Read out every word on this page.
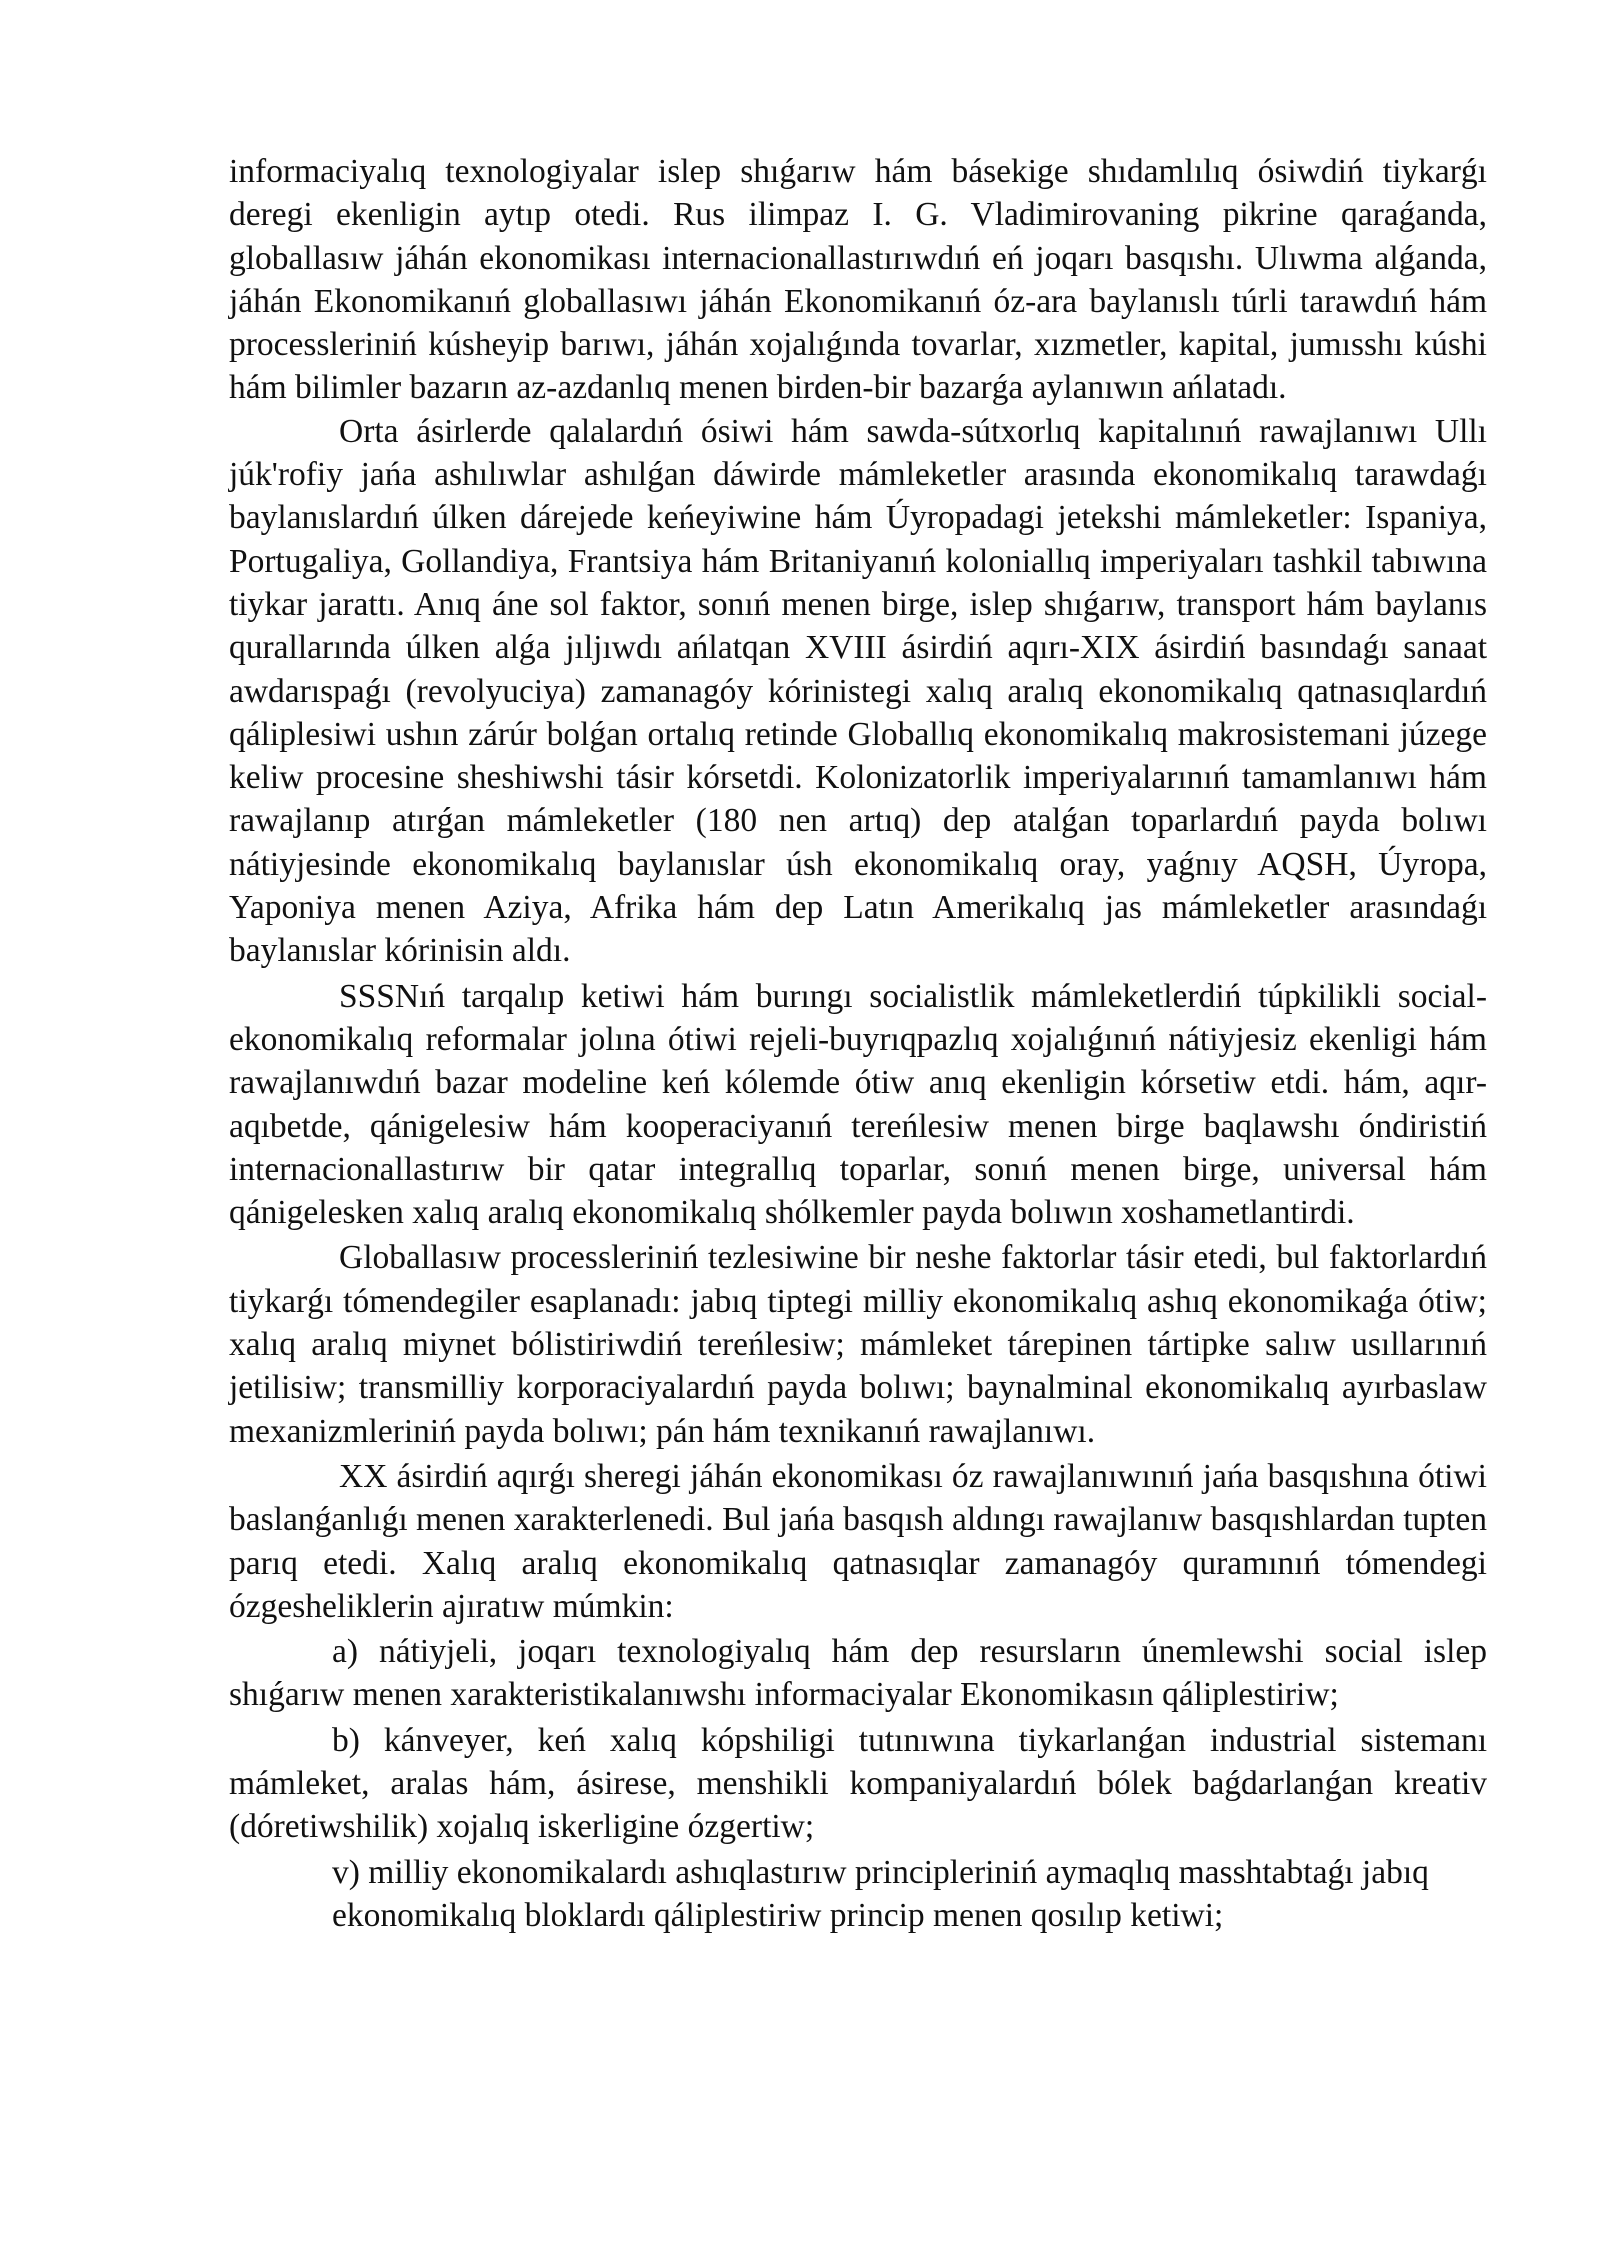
informaciyalıq texnologiyalar islep shıǵarıw hám básekige shıdamlılıq ósiwdiń tiykarǵı deregi ekenligin aytıp otedi. Rus ilimpaz I. G. Vladimirovaning pikrine qaraǵanda, globallasıw jáhán ekonomikası internacionallastırıwdıń eń joqarı basqıshı. Ulıwma alǵanda, jáhán Ekonomikanıń globallasıwı jáhán Ekonomikanıń óz-ara baylanıslı túrli tarawdıń hám processleriniń kúsheyip barıwı, jáhán xojalıǵında tovarlar, xızmetler, kapital, jumısshı kúshi hám bilimler bazarın az-azdanlıq menen birden-bir bazarǵa aylanıwın ańlatadı.

Orta ásirlerde qalalardıń ósiwi hám sawda-sútxorlıq kapitalınıń rawajlanıwı Ullı júk'rofiy jańa ashılıwlar ashılǵan dáwirde mámleketler arasında ekonomikalıq tarawdaǵı baylanıslardıń úlken dárejede keńeyiwine hám Úyropadagi jetekshi mámleketler: Ispaniya, Portugaliya, Gollandiya, Frantsiya hám Britaniyanıń koloniallıq imperiyaları tashkil tabıwına tiykar jarattı. Anıq áne sol faktor, sonıń menen birge, islep shıǵarıw, transport hám baylanıs qurallarında úlken alǵa jıljıwdı ańlatqan XVIII ásirdiń aqırı-XIX ásirdiń basındaǵı sanaat awdarıspaǵı (revolyuciya) zamanagóy kórinistegi xalıq aralıq ekonomikalıq qatnasıqlardıń qáliplesiwi ushın zárúr bolǵan ortalıq retinde Globallıq ekonomikalıq makrosistemani júzege keliw procesine sheshiwshi tásir kórsetdi. Kolonizatorlik imperiyalarınıń tamamlanıwı hám rawajlanıp atırǵan mámleketler (180 nen artıq) dep atalǵan toparlardıń payda bolıwı nátiyjesinde ekonomikalıq baylanıslar úsh ekonomikalıq oray, yaǵnıy AQSH, Úyropa, Yaponiya menen Aziya, Afrika hám dep Latın Amerikalıq jas mámleketler arasındaǵı baylanıslar kórinisin aldı.

SSSNıń tarqalıp ketiwi hám burıngı socialistlik mámleketlerdiń túpkilikli social-ekonomikalıq reformalar jolına ótiwi rejeli-buyrıqpazlıq xojalıǵınıń nátiyjesiz ekenligi hám rawajlanıwdıń bazar modeline keń kólemde ótiw anıq ekenligin kórsetiw etdi. hám, aqır-aqıbetde, qánigelesiw hám kooperaciyanıń tereńlesiw menen birge baqlawshı óndiristiń internacionallastırıw bir qatar integrallıq toparlar, sonıń menen birge, universal hám qánigelesken xalıq aralıq ekonomikalıq shólkemler payda bolıwın xoshametlantirdi.

Globallasıw processleriniń tezlesiwine bir neshe faktorlar tásir etedi, bul faktorlardıń tiykarǵı tómendegiler esaplanadı: jabıq tiptegi milliy ekonomikalıq ashıq ekonomikaǵa ótiw; xalıq aralıq miynet bólistiriwdiń tereńlesiw; mámleket tárepinen tártipke salıw usıllarınıń jetilisiw; transmilliy korporaciyalardıń payda bolıwı; baynalminal ekonomikalıq ayırbaslaw mexanizmleriniń payda bolıwı; pán hám texnikanıń rawajlanıwı.

XX ásirdiń aqırǵı sheregi jáhán ekonomikası óz rawajlanıwınıń jańa basqıshına ótiwi baslanǵanlıǵı menen xarakterlenedi. Bul jańa basqısh aldıngı rawajlanıw basqıshlardan tupten parıq etedi. Xalıq aralıq ekonomikalıq qatnasıqlar zamanagóy quramınıń tómendegi ózgesheliklerin ajıratıw múmkin:

a) nátiyjeli, joqarı texnologiyalıq hám dep resursların únemlewshi social islep shıǵarıw menen xarakteristikalanıwshı informaciyalar Ekonomikasın qáliplestiriw;

b) kánveyer, keń xalıq kópshiligi tutınıwına tiykarlanǵan industrial sistemanı mámleket, aralas hám, ásirese, menshikli kompaniyalardıń bólek baǵdarlanǵan kreativ (dóretiwshilik) xojalıq iskerligine ózgertiw;

v) milliy ekonomikalardı ashıqlastırıw principleriniń aymaqlıq masshtabtaǵı jabıq ekonomikalıq bloklardı qáliplestiriw princip menen qosılıp ketiwi;
